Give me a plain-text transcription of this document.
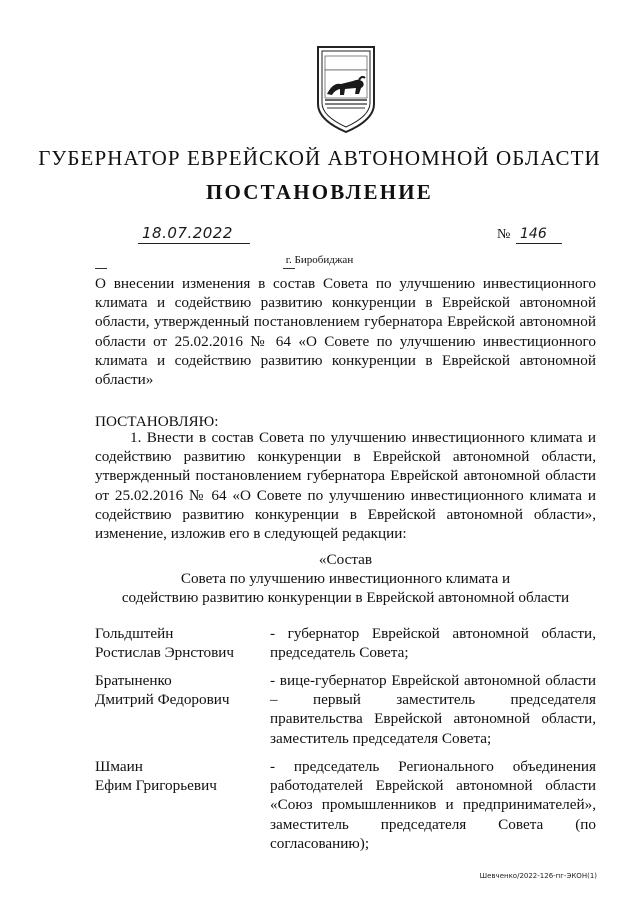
ГУБЕРНАТОР ЕВРЕЙСКОЙ АВТОНОМНОЙ ОБЛАСТИ
ПОСТАНОВЛЕНИЕ
18.07.2022	№ 146
г. Биробиджан
О внесении изменения в состав Совета по улучшению инвестиционного климата и содействию развитию конкуренции в Еврейской автономной области, утвержденный постановлением губернатора Еврейской автономной области от 25.02.2016 № 64 «О Совете по улучшению инвестиционного климата и содействию развитию конкуренции в Еврейской автономной области»
ПОСТАНОВЛЯЮ:
1. Внести в состав Совета по улучшению инвестиционного климата и содействию развитию конкуренции в Еврейской автономной области, утвержденный постановлением губернатора Еврейской автономной области от 25.02.2016 № 64 «О Совете по улучшению инвестиционного климата и содействию развитию конкуренции в Еврейской автономной области», изменение, изложив его в следующей редакции:
«Состав
Совета по улучшению инвестиционного климата и
содействию развитию конкуренции в Еврейской автономной области
Гольдштейн
Ростислав Эрнстович
- губернатор Еврейской автономной области, председатель Совета;
Братыненко
Дмитрий Федорович
- вице-губернатор Еврейской автономной области – первый заместитель председателя правительства Еврейской автономной области, заместитель председателя Совета;
Шмаин
Ефим Григорьевич
- председатель Регионального объединения работодателей Еврейской автономной области «Союз промышленников и предпринимателей», заместитель председателя Совета (по согласованию);
Шевченко/2022-126-пг-ЭКОН(1)
